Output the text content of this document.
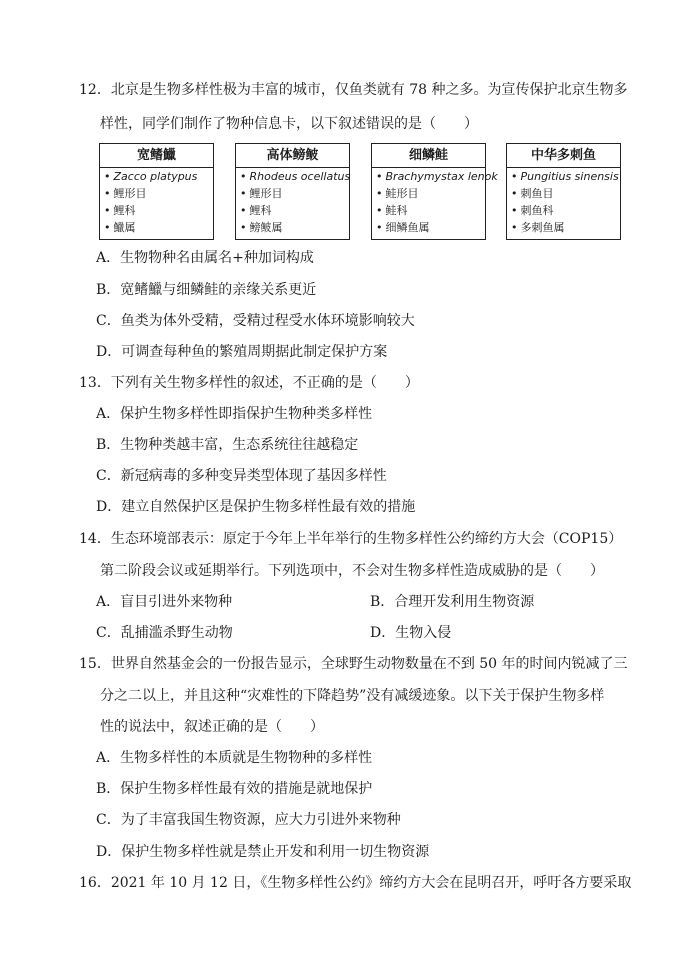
12．北京是生物多样性极为丰富的城市，仅鱼类就有 78 种之多。为宣传保护北京生物多
样性，同学们制作了物种信息卡，以下叙述错误的是（　　）
宽鳍鱲
• Zacco platypus
• 鲤形目
• 鲤科
• 鱲属
高体鳑鲏
• Rhodeus ocellatus
• 鲤形目
• 鲤科
• 鳑鲏属
细鳞鲑
• Brachymystax lenok
• 鲑形目
• 鲑科
• 细鳞鱼属
中华多刺鱼
• Pungitius sinensis
• 刺鱼目
• 刺鱼科
• 多刺鱼属
A．生物物种名由属名+种加词构成
B．宽鳍鱲与细鳞鲑的亲缘关系更近
C．鱼类为体外受精，受精过程受水体环境影响较大
D．可调查每种鱼的繁殖周期据此制定保护方案
13．下列有关生物多样性的叙述，不正确的是（　　）
A．保护生物多样性即指保护生物种类多样性
B．生物种类越丰富，生态系统往往越稳定
C．新冠病毒的多种变异类型体现了基因多样性
D．建立自然保护区是保护生物多样性最有效的措施
14．生态环境部表示：原定于今年上半年举行的生物多样性公约缔约方大会（COP15）
第二阶段会议或延期举行。下列选项中，不会对生物多样性造成威胁的是（　　）
A．盲目引进外来物种	B．合理开发利用生物资源
C．乱捕滥杀野生动物	D．生物入侵
15．世界自然基金会的一份报告显示，全球野生动物数量在不到 50 年的时间内锐减了三
分之二以上，并且这种“灾难性的下降趋势”没有减缓迹象。以下关于保护生物多样
性的说法中，叙述正确的是（　　）
A．生物多样性的本质就是生物物种的多样性
B．保护生物多样性最有效的措施是就地保护
C．为了丰富我国生物资源，应大力引进外来物种
D．保护生物多样性就是禁止开发和利用一切生物资源
16．2021 年 10 月 12 日，《生物多样性公约》缔约方大会在昆明召开，呼吁各方要采取
